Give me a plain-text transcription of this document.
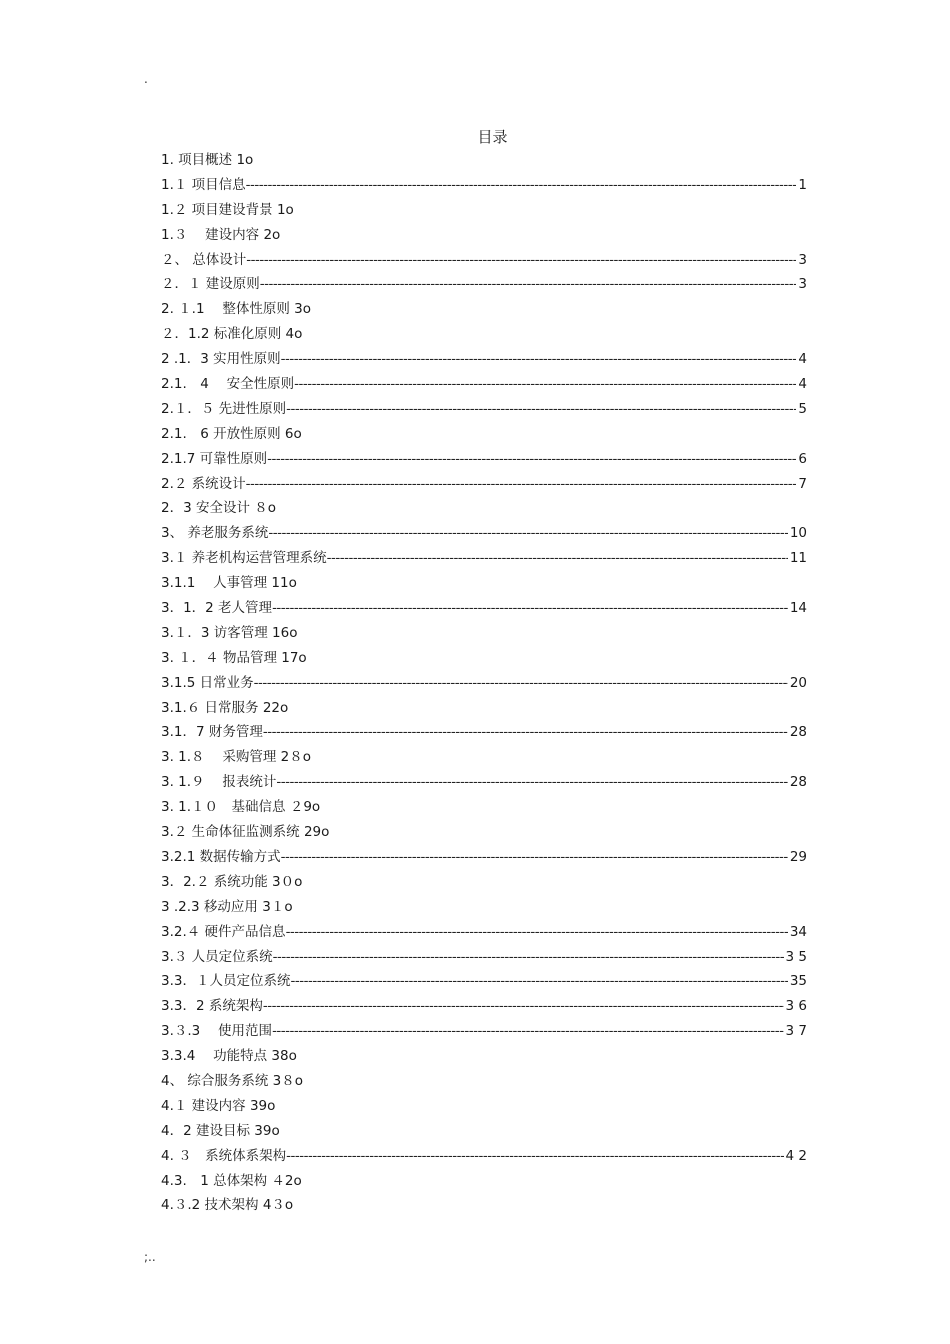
.
目录
1. 项目概述 1o
1.１ 项目信息 -----	1
1.２ 项目建设背景 1o
1.３　 建设内容 2o
２、 总体设计 -----	3
２．１ 建设原则 -----	3
2. １.1　 整体性原则 3o
２．1.2 标准化原则 4o
2 .1．3 实用性原则 -----	4
2.1.　4　 安全性原则 -----	4
2.１．５ 先进性原则 -----	5
2.1.　6 开放性原则 6o
2.1.7 可靠性原则 -----	6
2.２ 系统设计 -----	7
2．3 安全设计 ８o
3、 养老服务系统 -----	10
3.１ 养老机构运营管理系统 -----	11
3.1.1　 人事管理 11o
3．1．2 老人管理 -----	14
3.１．3 访客管理 16o
3. １．４ 物品管理 17o
3.1.5 日常业务 -----	20
3.1.６ 日常服务 22o
3.1．7 财务管理 -----	28
3. 1.８　 采购管理 2８o
3. 1.９　 报表统计 -----	28
3. 1.１０　基础信息 ２9o
3.２ 生命体征监测系统 29o
3.2.1 数据传输方式 -----	29
3．2.２ 系统功能 3０o
3 .2.3 移动应用 3１o
3.2.４ 硬件产品信息 -----	34
3.３ 人员定位系统 -----	3 5
3.3．１人员定位系统 -----	35
3.3．2 系统架构 -----	3 6
3.３.3　 使用范围 -----	3 7
3.3.4　 功能特点 38o
4、 综合服务系统 3８o
4.１ 建设内容 39o
4．2 建设目标 39o
4. ３　系统体系架构 -----	4 2
4.3.　1 总体架构 ４2o
4.３.2 技术架构 4３o
;..
